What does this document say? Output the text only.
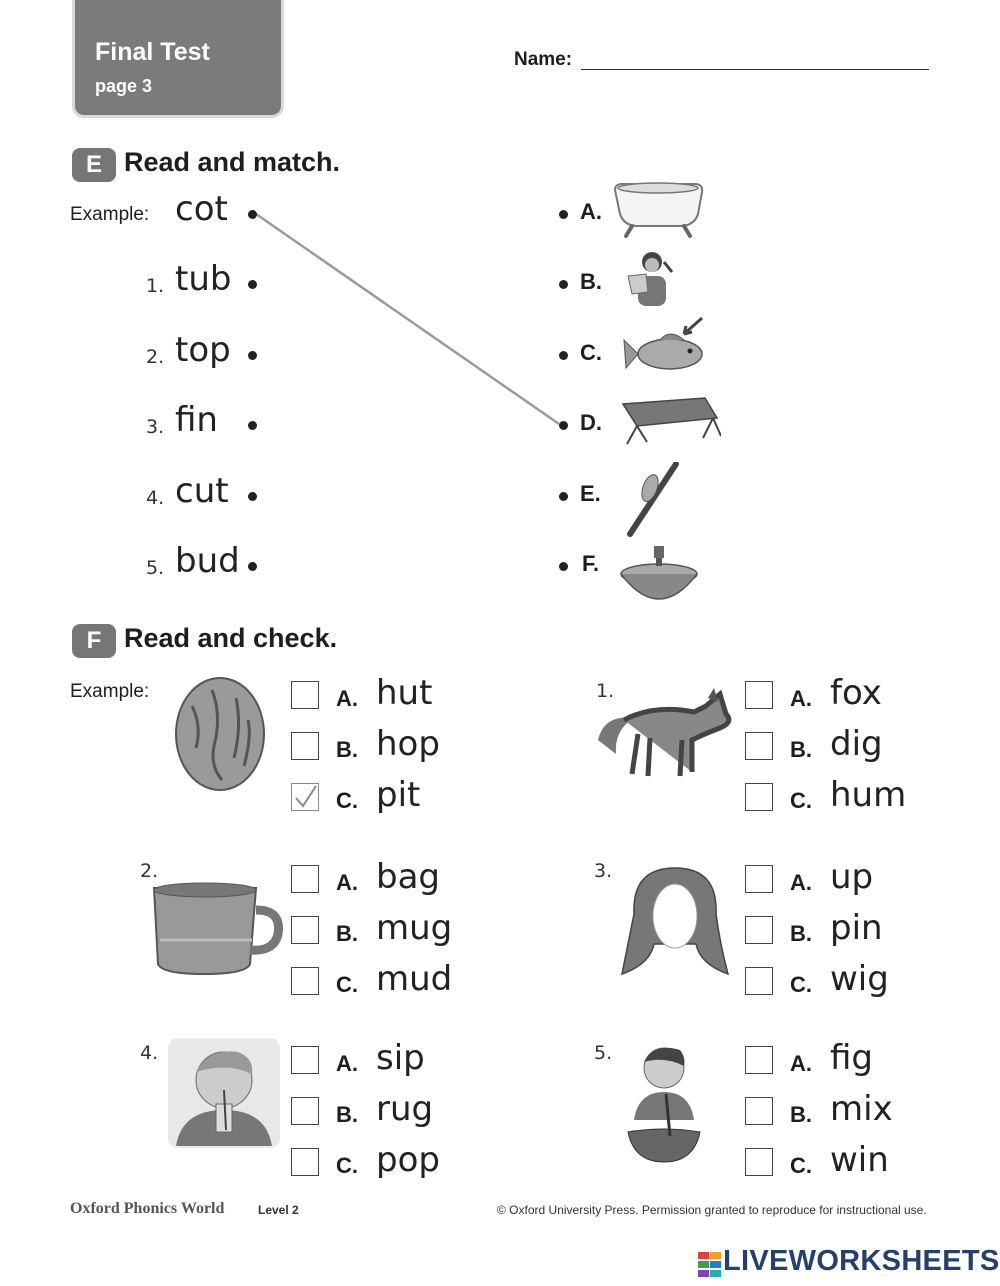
Final Test
page 3
Name:
E Read and match.
Example: cot	A.
1. tub	B.
2. top	C.
3. fin	D.
4. cut	E.
5. bud	F.
F Read and check.
Example:	A. hut
B. hop
C. pit
1.	A. fox
B. dig
C. hum
2.	A. bag
B. mug
C. mud
3.	A. up
B. pin
C. wig
4.	A. sip
B. rug
C. pop
5.	A. fig
B. mix
C. win
Oxford Phonics World	Level 2	© Oxford University Press. Permission granted to reproduce for instructional use.
LIVEWORKSHEETS
